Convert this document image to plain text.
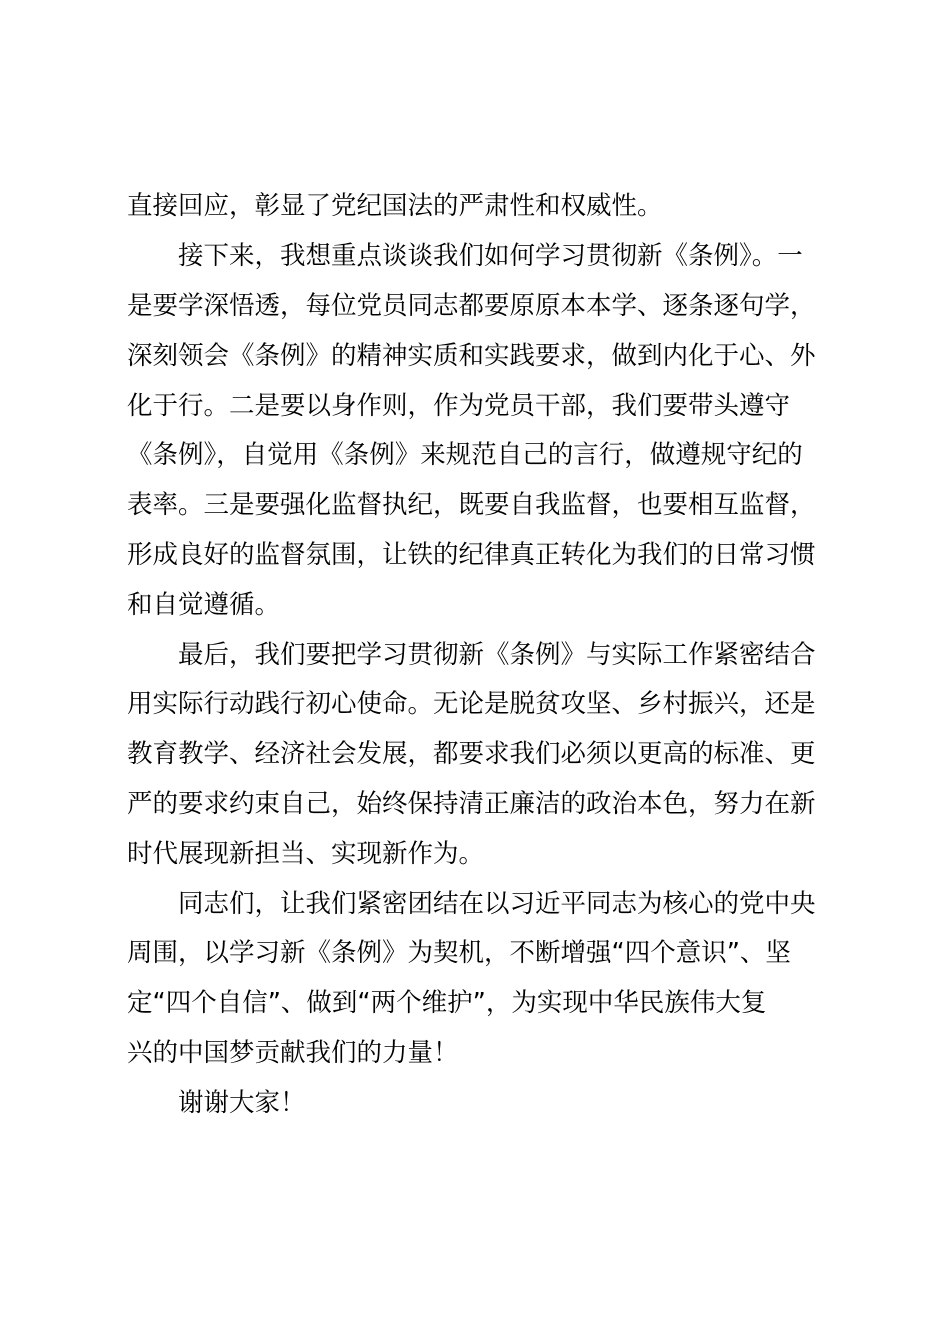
直接回应，彰显了党纪国法的严肃性和权威性。
接下来，我想重点谈谈我们如何学习贯彻新《条例》。一
是要学深悟透，每位党员同志都要原原本本学、逐条逐句学，
深刻领会《条例》的精神实质和实践要求，做到内化于心、外
化于行。二是要以身作则，作为党员干部，我们要带头遵守
《条例》，自觉用《条例》来规范自己的言行，做遵规守纪的
表率。三是要强化监督执纪，既要自我监督，也要相互监督，
形成良好的监督氛围，让铁的纪律真正转化为我们的日常习惯
和自觉遵循。
最后，我们要把学习贯彻新《条例》与实际工作紧密结合
用实际行动践行初心使命。无论是脱贫攻坚、乡村振兴，还是
教育教学、经济社会发展，都要求我们必须以更高的标准、更
严的要求约束自己，始终保持清正廉洁的政治本色，努力在新
时代展现新担当、实现新作为。
同志们，让我们紧密团结在以习近平同志为核心的党中央
周围，以学习新《条例》为契机，不断增强“四个意识”、坚
定“四个自信”、做到“两个维护”，为实现中华民族伟大复
兴的中国梦贡献我们的力量！
谢谢大家！
